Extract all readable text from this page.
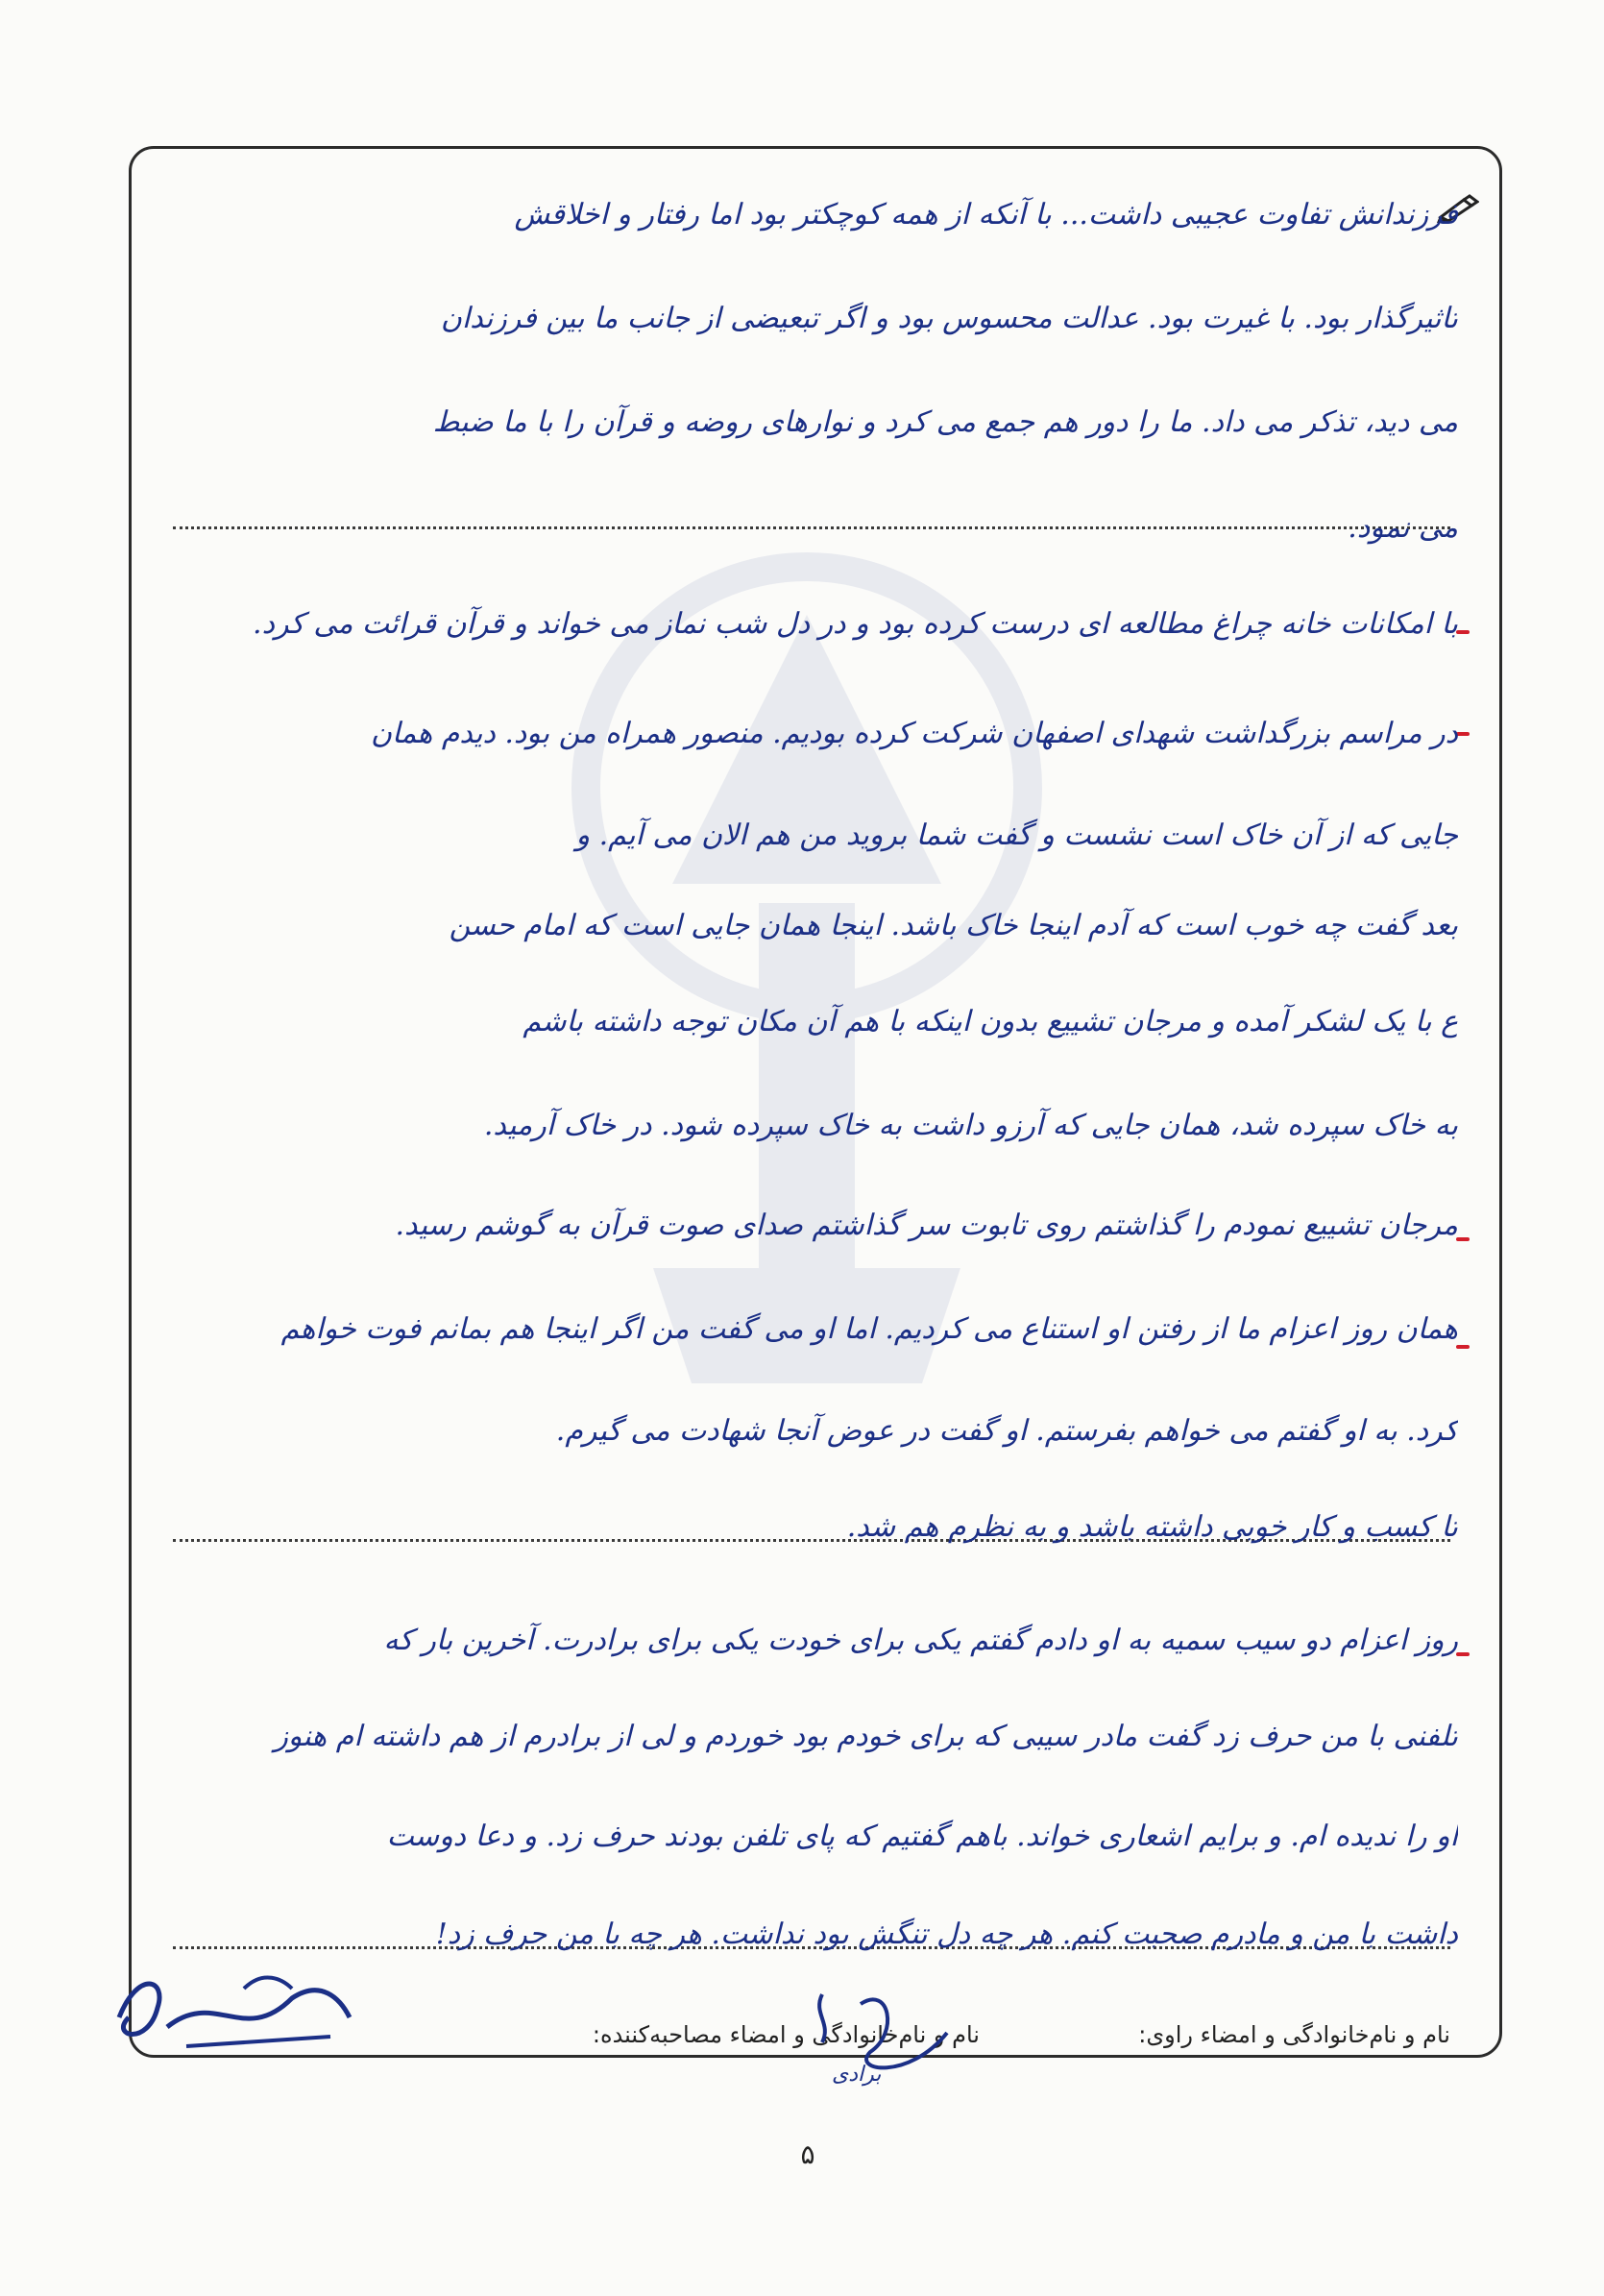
فرزندانش تفاوت عجیبی داشت... با آنکه از همه کوچکتر بود اما رفتار و اخلاقش
تاثیرگذار بود. با غیرت بود. عدالت محسوس بود و اگر تبعیضی از جانب ما بین فرزندان
می دید، تذکر می داد. ما را دور هم جمع می کرد و نوارهای روضه و قرآن را با ما ضبط
می نمود.
با امکانات خانه چراغ مطالعه ای درست کرده بود و در دل شب نماز می خواند و قرآن قرائت می کرد.
در مراسم بزرگداشت شهدای اصفهان شرکت کرده بودیم. منصور همراه من بود. دیدم همان
جایی که از آن خاک است نشست و گفت شما بروید من هم الان می آیم. و
بعد گفت چه خوب است که آدم اینجا خاک باشد. اینجا همان جایی است که امام حسن
ع با یک لشکر آمده و مرجان تشییع بدون اینکه با هم آن مکان توجه داشته باشم
به خاک سپرده شد، همان جایی که آرزو داشت به خاک سپرده شود. در خاک آرمید.
مرجان تشییع نمودم را گذاشتم روی تابوت سر گذاشتم صدای صوت قرآن به گوشم رسید.
همان روز اعزام ما از رفتن او استناع می کردیم. اما او می گفت من اگر اینجا هم بمانم فوت خواهم
کرد. به او گفتم می خواهم بفرستم. او گفت در عوض آنجا شهادت می گیرم.
تا کسب و کار خوبی داشته باشد و به نظرم هم شد.
روز اعزام دو سیب سمیه به او دادم گفتم یکی برای خودت یکی برای برادرت. آخرین بار که
تلفنی با من حرف زد گفت مادر سیبی که برای خودم بود خوردم و لی از برادرم از هم داشته ام هنوز
او را ندیده ام. و برایم اشعاری خواند. باهم گفتیم که پای تلفن بودند حرف زد. و دعا دوست
داشت با من و مادرم صحبت کنم. هر چه دل تنگش بود نداشت. هر چه با من حرف زد!
نام و نام‌خانوادگی و امضاء راوی:
نام و نام‌خانوادگی و امضاء مصاحبه‌کننده:
برادی
۵
